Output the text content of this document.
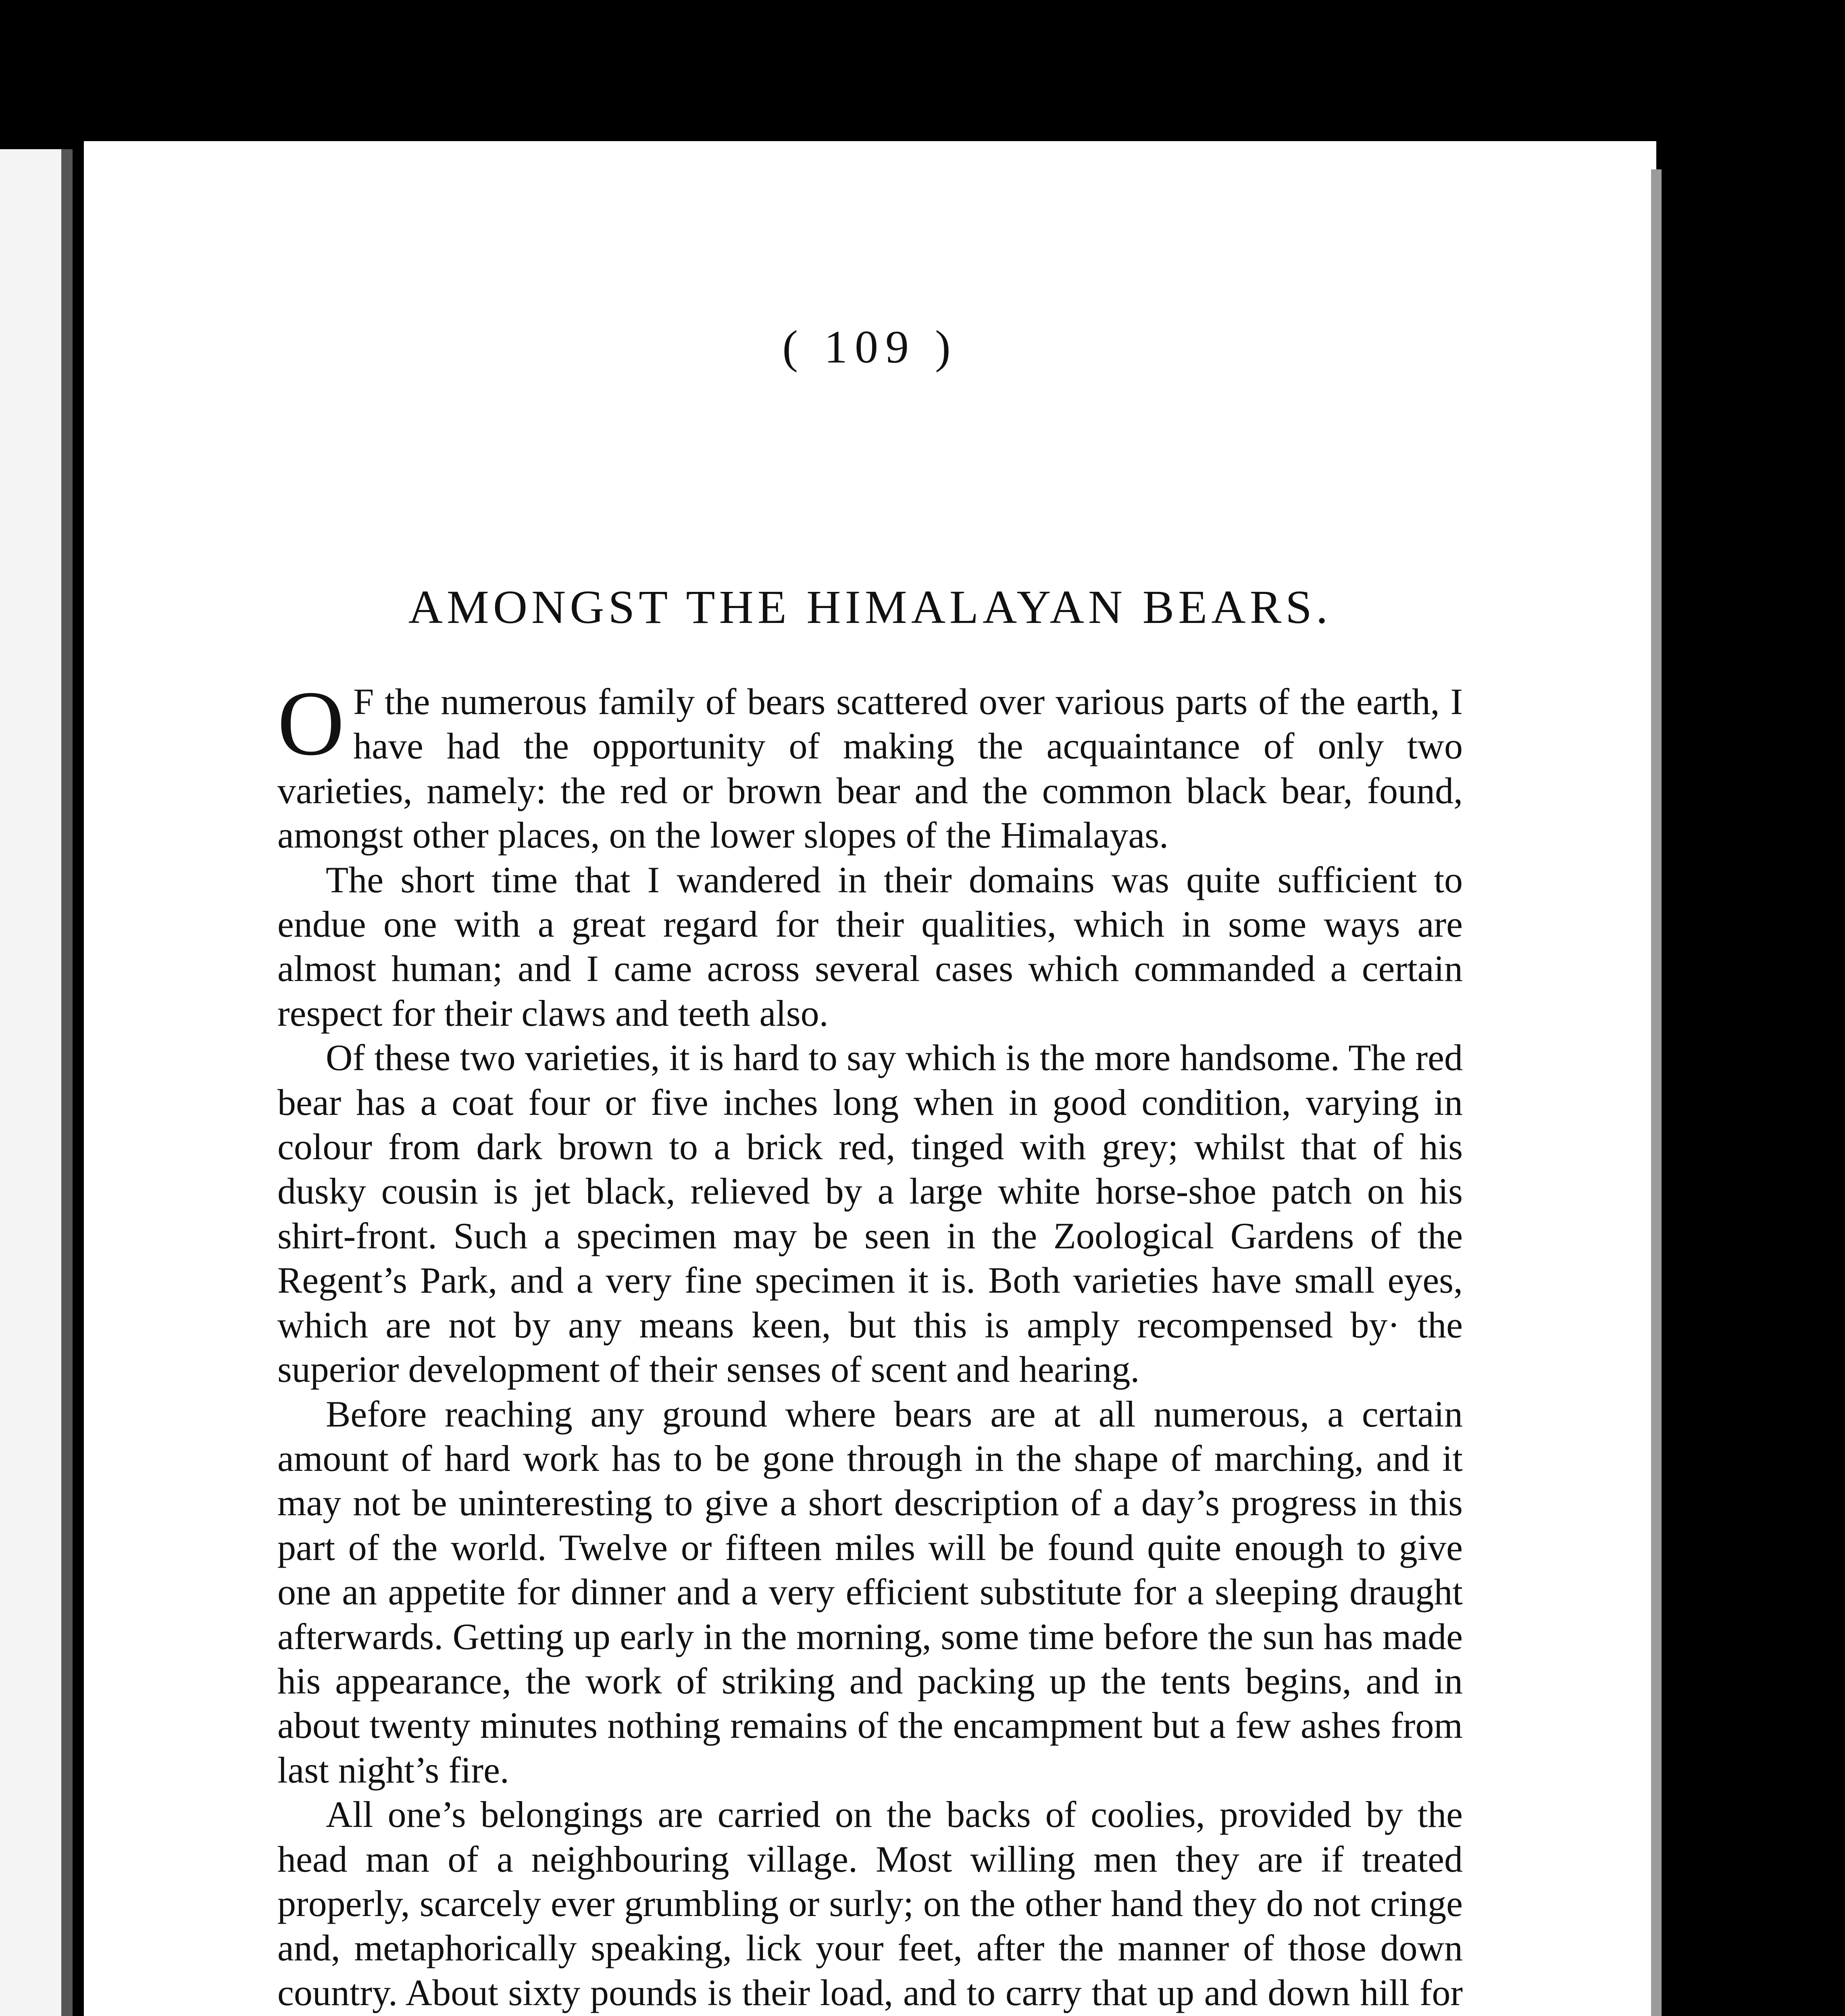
( 109 )
AMONGST THE HIMALAYAN BEARS.

O F the numerous family of bears scattered over various parts of the earth, I have had the opportunity of making the acquaintance of only two varieties, namely: the red or brown bear and the common black bear, found, amongst other places, on the lower slopes of the Himalayas.

The short time that I wandered in their domains was quite sufficient to endue one with a great regard for their qualities, which in some ways are almost human; and I came across several cases which commanded a certain respect for their claws and teeth also.

Of these two varieties, it is hard to say which is the more handsome. The red bear has a coat four or five inches long when in good condition, varying in colour from dark brown to a brick red, tinged with grey; whilst that of his dusky cousin is jet black, relieved by a large white horse-shoe patch on his shirt-front. Such a specimen may be seen in the Zoological Gardens of the Regent’s Park, and a very fine specimen it is. Both varieties have small eyes, which are not by any means keen, but this is amply recompensed by· the superior development of their senses of scent and hearing.

Before reaching any ground where bears are at all numerous, a certain amount of hard work has to be gone through in the shape of marching, and it may not be uninteresting to give a short description of a day’s progress in this part of the world. Twelve or fifteen miles will be found quite enough to give one an appetite for dinner and a very efficient substitute for a sleeping draught afterwards. Getting up early in the morning, some time before the sun has made his appearance, the work of striking and packing up the tents begins, and in about twenty minutes nothing remains of the encampment but a few ashes from last night’s fire.

All one’s belongings are carried on the backs of coolies, provided by the head man of a neighbouring village. Most willing men they are if treated properly, scarcely ever grumbling or surly; on the other hand they do not cringe and, metaphorically speaking, lick your feet, after the manner of those down country. About sixty pounds is their load, and to carry that up and down hill for
